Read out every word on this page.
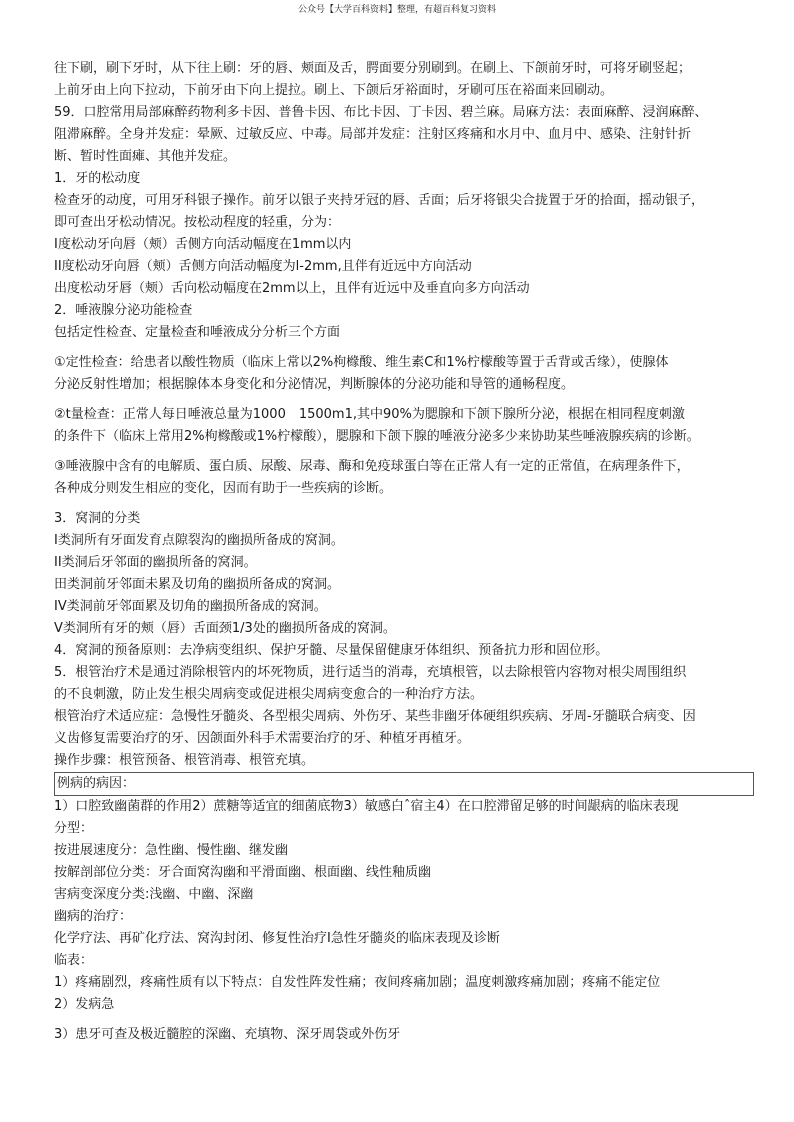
公众号【大学百科资料】整理，有超百科复习资料
往下刷，刷下牙时，从下往上刷：牙的唇、颊面及舌，腭面要分别刷到。在刷上、下颌前牙时，可将牙刷竖起；
上前牙由上向下拉动，下前牙由下向上提拉。刷上、下颌后牙裕面时，牙刷可压在裕面来回刷动。
59．口腔常用局部麻醉药物利多卡因、普鲁卡因、布比卡因、丁卡因、碧兰麻。局麻方法：表面麻醉、浸润麻醉、
阻滞麻醉。全身并发症：晕厥、过敏反应、中毒。局部并发症：注射区疼痛和水月中、血月中、感染、注射针折
断、暂时性面瘫、其他并发症。
1．牙的松动度
检查牙的动度，可用牙科银子操作。前牙以银子夹持牙冠的唇、舌面；后牙将银尖合拢置于牙的拾面，摇动银子，
即可查出牙松动情况。按松动程度的轻重，分为：
I度松动牙向唇（颊）舌侧方向活动幅度在1mm以内
II度松动牙向唇（颊）舌侧方向活动幅度为l-2mm,且伴有近远中方向活动
出度松动牙唇（颊）舌向松动幅度在2mm以上，且伴有近远中及垂直向多方向活动
2．唾液腺分泌功能检查
包括定性检查、定量检查和唾液成分分析三个方面
①定性检查：给患者以酸性物质（临床上常以2%枸橼酸、维生素C和1%柠檬酸等置于舌背或舌缘），使腺体
分泌反射性增加；根据腺体本身变化和分泌情况，判断腺体的分泌功能和导管的通畅程度。
②t量检查：正常人每日唾液总量为1000　1500m1,其中90%为腮腺和下颌下腺所分泌，根据在相同程度刺激
的条件下（临床上常用2%枸橼酸或1%柠檬酸），腮腺和下颌下腺的唾液分泌多少来协助某些唾液腺疾病的诊断。
③唾液腺中含有的电解质、蛋白质、尿酸、尿毒、酶和免疫球蛋白等在正常人有一定的正常值，在病理条件下，
各种成分则发生相应的变化，因而有助于一些疾病的诊断。
3．窝洞的分类
I类洞所有牙面发育点隙裂沟的幽损所备成的窝洞。
II类洞后牙邻面的幽损所备的窝洞。
田类洞前牙邻面未累及切角的幽损所备成的窝洞。
IV类洞前牙邻面累及切角的幽损所备成的窝洞。
V类洞所有牙的颊（唇）舌面颈1/3处的幽损所备成的窝洞。
4．窝洞的预备原则：去净病变组织、保护牙髓、尽量保留健康牙体组织、预备抗力形和固位形。
5．根管治疗术是通过消除根管内的坏死物质，进行适当的消毒，充填根管，以去除根管内容物对根尖周围组织
的不良刺激，防止发生根尖周病变或促进根尖周病变愈合的一种治疗方法。
根管治疗术适应症：急慢性牙髓炎、各型根尖周病、外伤牙、某些非幽牙体硬组织疾病、牙周-牙髓联合病变、因
义齿修复需要治疗的牙、因颌面外科手术需要治疗的牙、种植牙再植牙。
操作步骤：根管预备、根管消毒、根管充填。
例病的病因：
1）口腔致幽菌群的作用2）蔗糖等适宜的细菌底物3）敏感白ˆ宿主4）在口腔滞留足够的时间龈病的临床表现
分型：
按进展速度分：急性幽、慢性幽、继发幽
按解剖部位分类：牙合面窝沟幽和平滑面幽、根面幽、线性釉质幽
害病变深度分类:浅幽、中幽、深幽
幽病的治疗：
化学疗法、再矿化疗法、窝沟封闭、修复性治疗I急性牙髓炎的临床表现及诊断
临表：
1）疼痛剧烈，疼痛性质有以下特点：自发性阵发性痛；夜间疼痛加剧；温度刺激疼痛加剧；疼痛不能定位
2）发病急
3）患牙可查及极近髓腔的深幽、充填物、深牙周袋或外伤牙
